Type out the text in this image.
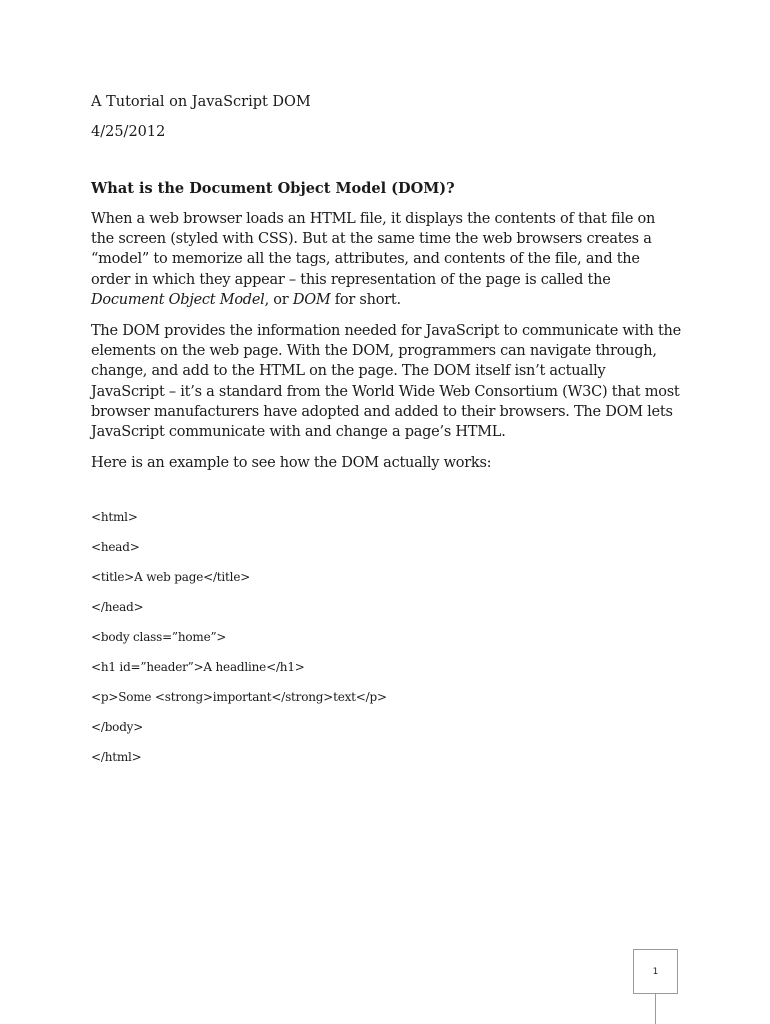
A Tutorial on JavaScript DOM

4/25/2012

What is the Document Object Model (DOM)?

When a web browser loads an HTML file, it displays the contents of that file on the screen (styled with CSS). But at the same time the web browsers creates a “model” to memorize all the tags, attributes, and contents of the file, and the order in which they appear – this representation of the page is called the Document Object Model, or DOM for short.

The DOM provides the information needed for JavaScript to communicate with the elements on the web page. With the DOM, programmers can navigate through, change, and add to the HTML on the page. The DOM itself isn’t actually JavaScript – it’s a standard from the World Wide Web Consortium (W3C) that most browser manufacturers have adopted and added to their browsers. The DOM lets JavaScript communicate with and change a page’s HTML.

Here is an example to see how the DOM actually works:

<html>

<head>

<title>A web page</title>

</head>

<body class=”home”>

<h1 id=”header”>A headline</h1>

<p>Some <strong>important</strong>text</p>

</body>

</html>

1
